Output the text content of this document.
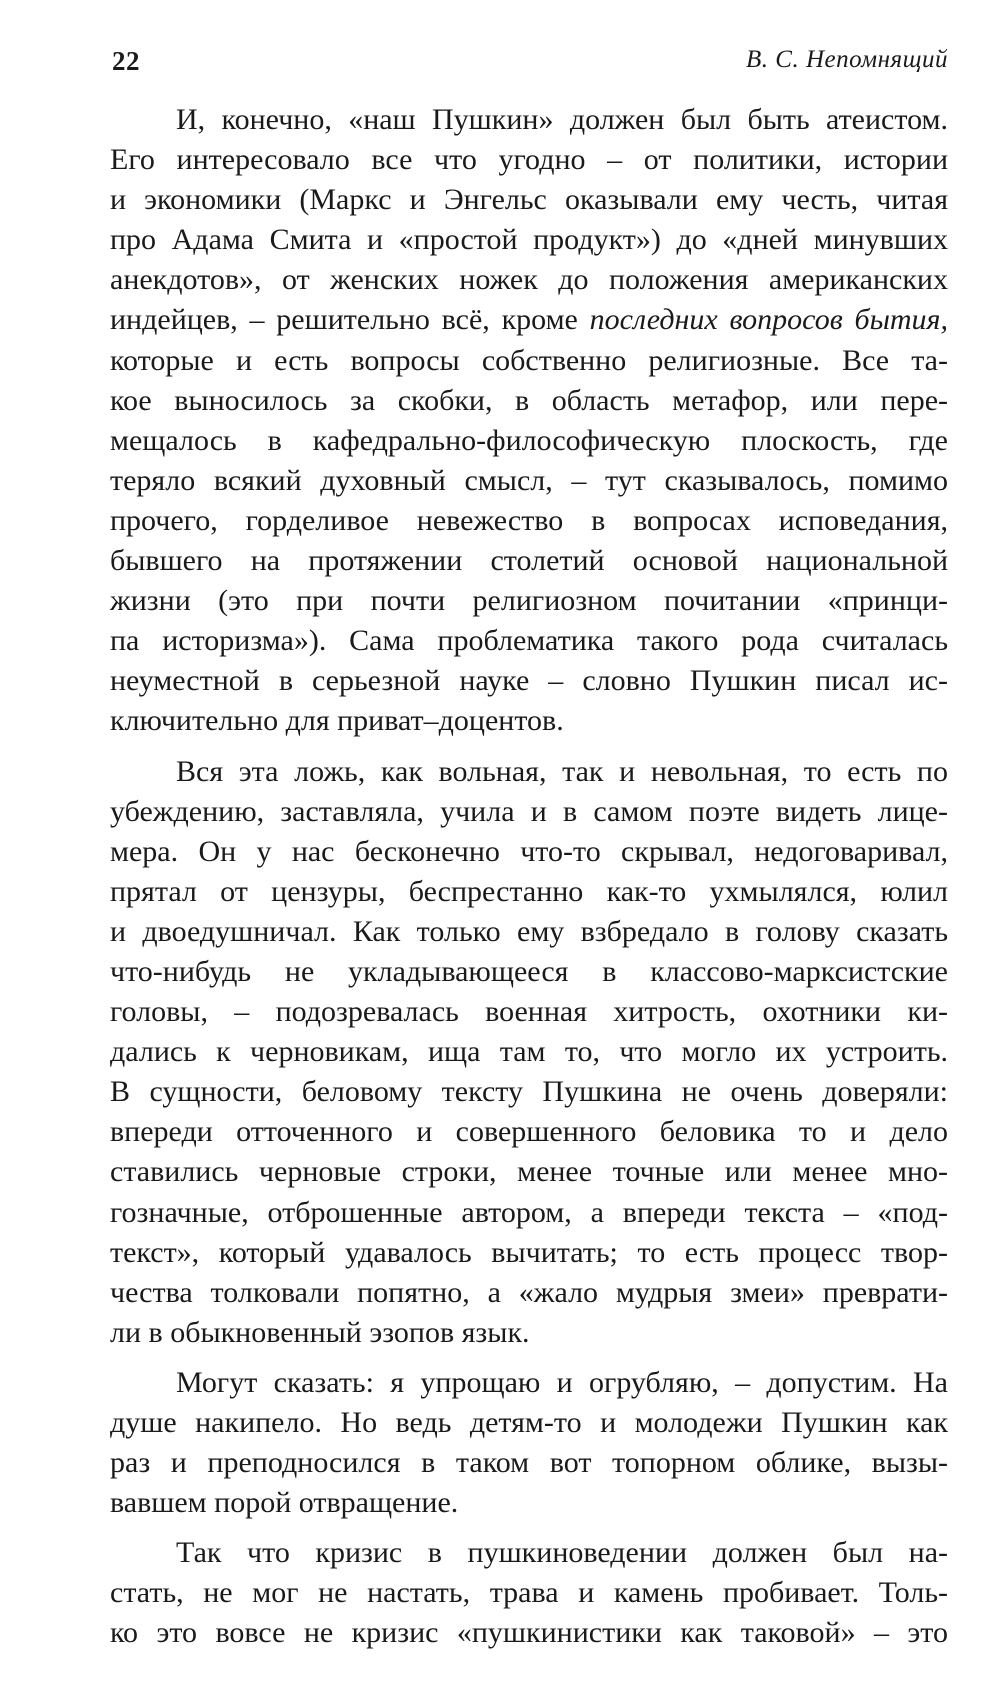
22	В. С. Непомнящий
И, конечно, «наш Пушкин» должен был быть атеистом.
Его интересовало все что угодно – от политики, истории
и экономики (Маркс и Энгельс оказывали ему честь, читая
про Адама Смита и «простой продукт») до «дней минувших
анекдотов», от женских ножек до положения американских
индейцев, – решительно всё, кроме последних вопросов бытия,
которые и есть вопросы собственно религиозные. Все та-
кое выносилось за скобки, в область метафор, или пере-
мещалось в кафедрально-философическую плоскость, где
теряло всякий духовный смысл, – тут сказывалось, помимо
прочего, горделивое невежество в вопросах исповедания,
бывшего на протяжении столетий основой национальной
жизни (это при почти религиозном почитании «принци-
па историзма»). Сама проблематика такого рода считалась
неуместной в серьезной науке – словно Пушкин писал ис-
ключительно для приват–доцентов.
Вся эта ложь, как вольная, так и невольная, то есть по
убеждению, заставляла, учила и в самом поэте видеть лице-
мера. Он у нас бесконечно что-то скрывал, недоговаривал,
прятал от цензуры, беспрестанно как-то ухмылялся, юлил
и двоедушничал. Как только ему взбредало в голову сказать
что-нибудь не укладывающееся в классово-марксистские
головы, – подозревалась военная хитрость, охотники ки-
дались к черновикам, ища там то, что могло их устроить.
В сущности, беловому тексту Пушкина не очень доверяли:
впереди отточенного и совершенного беловика то и дело
ставились черновые строки, менее точные или менее мно-
гозначные, отброшенные автором, а впереди текста – «под-
текст», который удавалось вычитать; то есть процесс твор-
чества толковали попятно, а «жало мудрыя змеи» преврати-
ли в обыкновенный эзопов язык.
Могут сказать: я упрощаю и огрубляю, – допустим. На
душе накипело. Но ведь детям-то и молодежи Пушкин как
раз и преподносился в таком вот топорном облике, вызы-
вавшем порой отвращение.
Так что кризис в пушкиноведении должен был на-
стать, не мог не настать, трава и камень пробивает. Толь-
ко это вовсе не кризис «пушкинистики как таковой» – это
